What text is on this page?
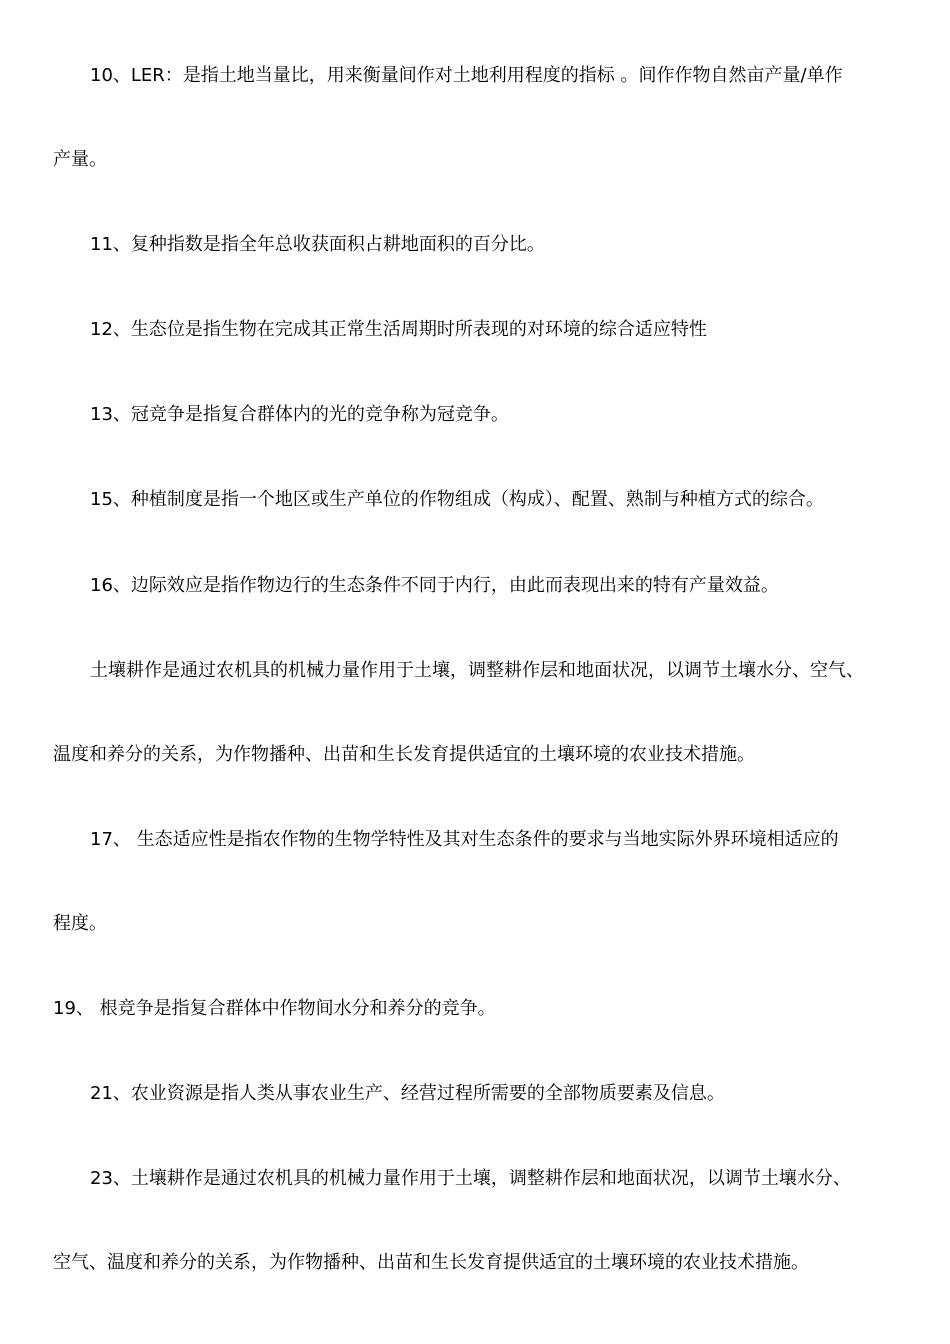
10、LER：是指土地当量比，用来衡量间作对土地利用程度的指标 。间作作物自然亩产量/单作
产量。
11、复种指数是指全年总收获面积占耕地面积的百分比。
12、生态位是指生物在完成其正常生活周期时所表现的对环境的综合适应特性
13、冠竞争是指复合群体内的光的竞争称为冠竞争。
15、种植制度是指一个地区或生产单位的作物组成（构成）、配置、熟制与种植方式的综合。
16、边际效应是指作物边行的生态条件不同于内行，由此而表现出来的特有产量效益。
土壤耕作是通过农机具的机械力量作用于土壤，调整耕作层和地面状况，以调节土壤水分、空气、
温度和养分的关系，为作物播种、出苗和生长发育提供适宜的土壤环境的农业技术措施。
17、 生态适应性是指农作物的生物学特性及其对生态条件的要求与当地实际外界环境相适应的
程度。
19、 根竞争是指复合群体中作物间水分和养分的竞争。
21、农业资源是指人类从事农业生产、经营过程所需要的全部物质要素及信息。
23、土壤耕作是通过农机具的机械力量作用于土壤，调整耕作层和地面状况，以调节土壤水分、
空气、温度和养分的关系，为作物播种、出苗和生长发育提供适宜的土壤环境的农业技术措施。
